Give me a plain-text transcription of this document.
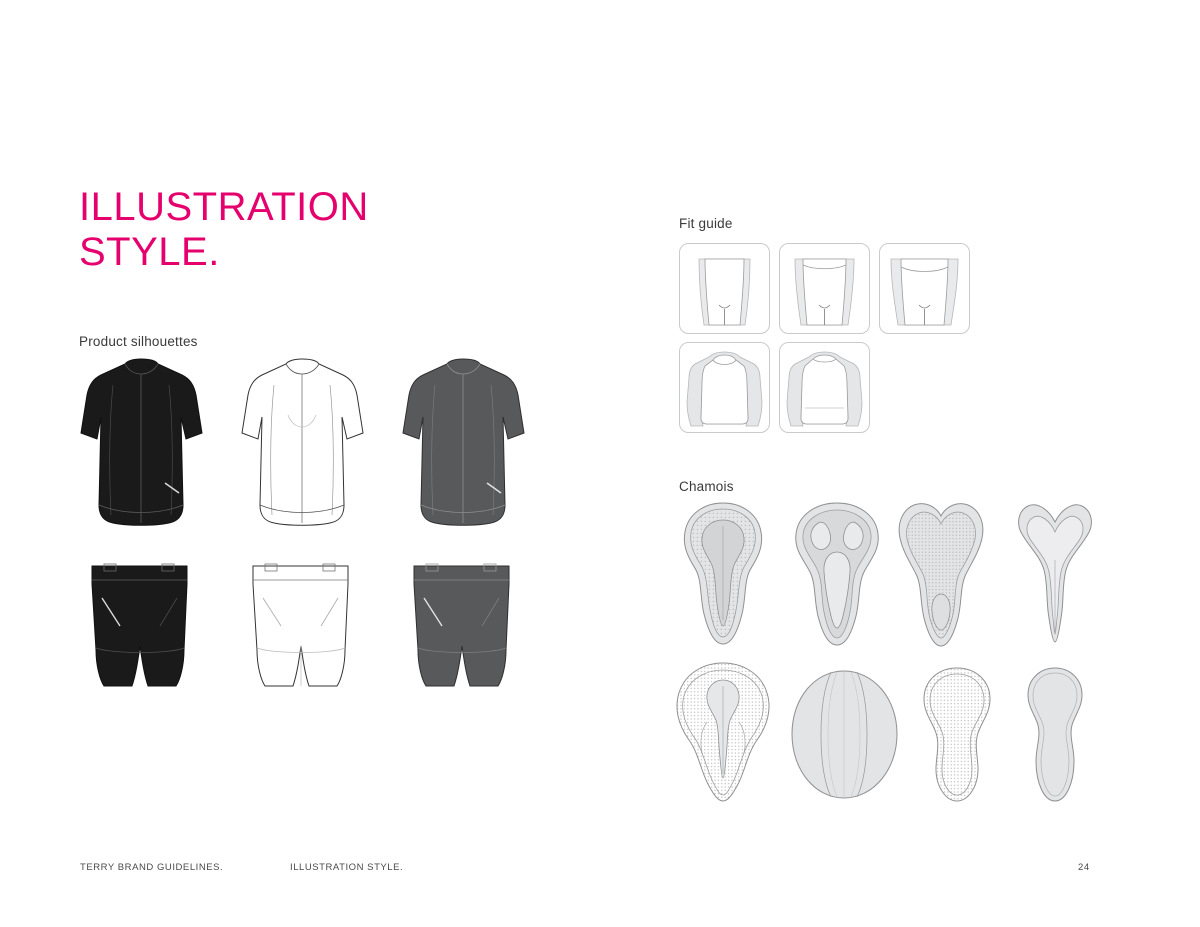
ILLUSTRATION
STYLE.
Product silhouettes
Fit guide
Chamois
TERRY BRAND GUIDELINES.	ILLUSTRATION STYLE.	24
